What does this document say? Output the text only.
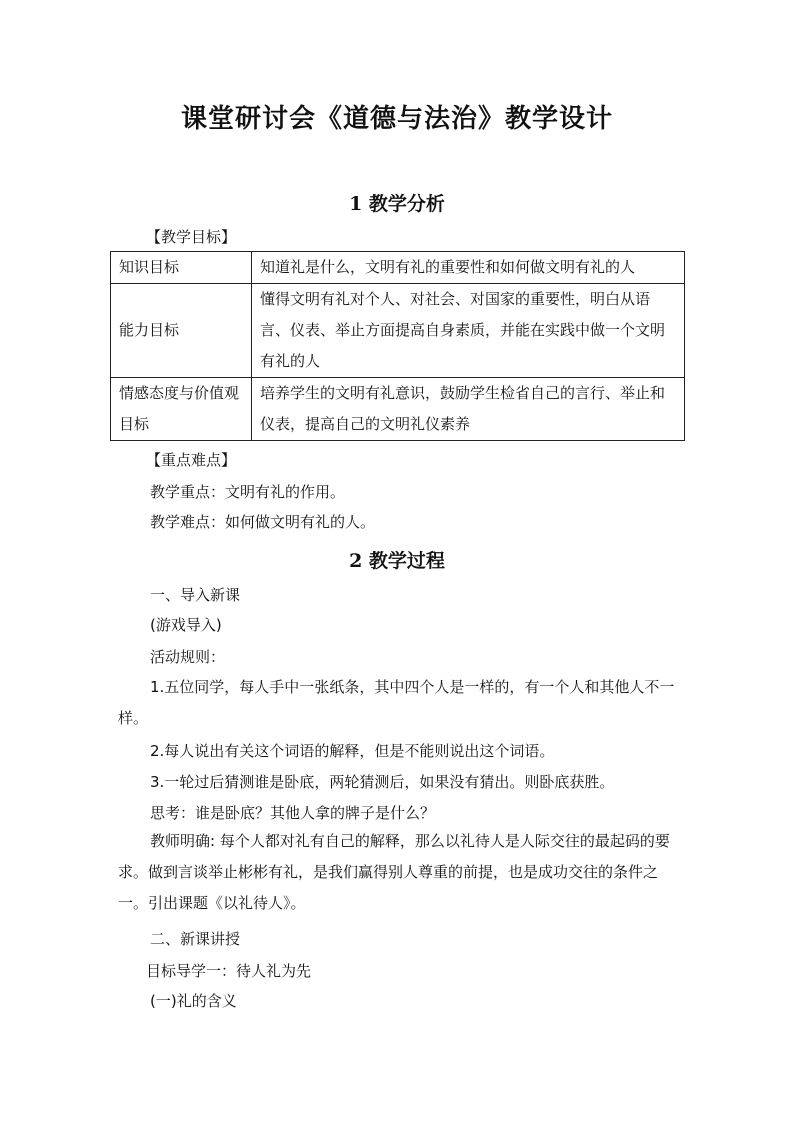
课堂研讨会《道德与法治》教学设计
1 教学分析
【教学目标】
知识目标	知道礼是什么，文明有礼的重要性和如何做文明有礼的人
能力目标	懂得文明有礼对个人、对社会、对国家的重要性，明白从语言、仪表、举止方面提高自身素质，并能在实践中做一个文明有礼的人
情感态度与价值观目标	培养学生的文明有礼意识，鼓励学生检省自己的言行、举止和仪表，提高自己的文明礼仪素养
【重点难点】
教学重点：文明有礼的作用。
教学难点：如何做文明有礼的人。
2 教学过程
一、导入新课
(游戏导入)
活动规则：
1.五位同学，每人手中一张纸条，其中四个人是一样的，有一个人和其他人不一样。
2.每人说出有关这个词语的解释，但是不能则说出这个词语。
3.一轮过后猜测谁是卧底，两轮猜测后，如果没有猜出。则卧底获胜。
思考：谁是卧底？其他人拿的牌子是什么？
教师明确: 每个人都对礼有自己的解释，那么以礼待人是人际交往的最起码的要求。做到言谈举止彬彬有礼，是我们赢得别人尊重的前提，也是成功交往的条件之一。引出课题《以礼待人》。
二、新课讲授
目标导学一：待人礼为先
(一)礼的含义
